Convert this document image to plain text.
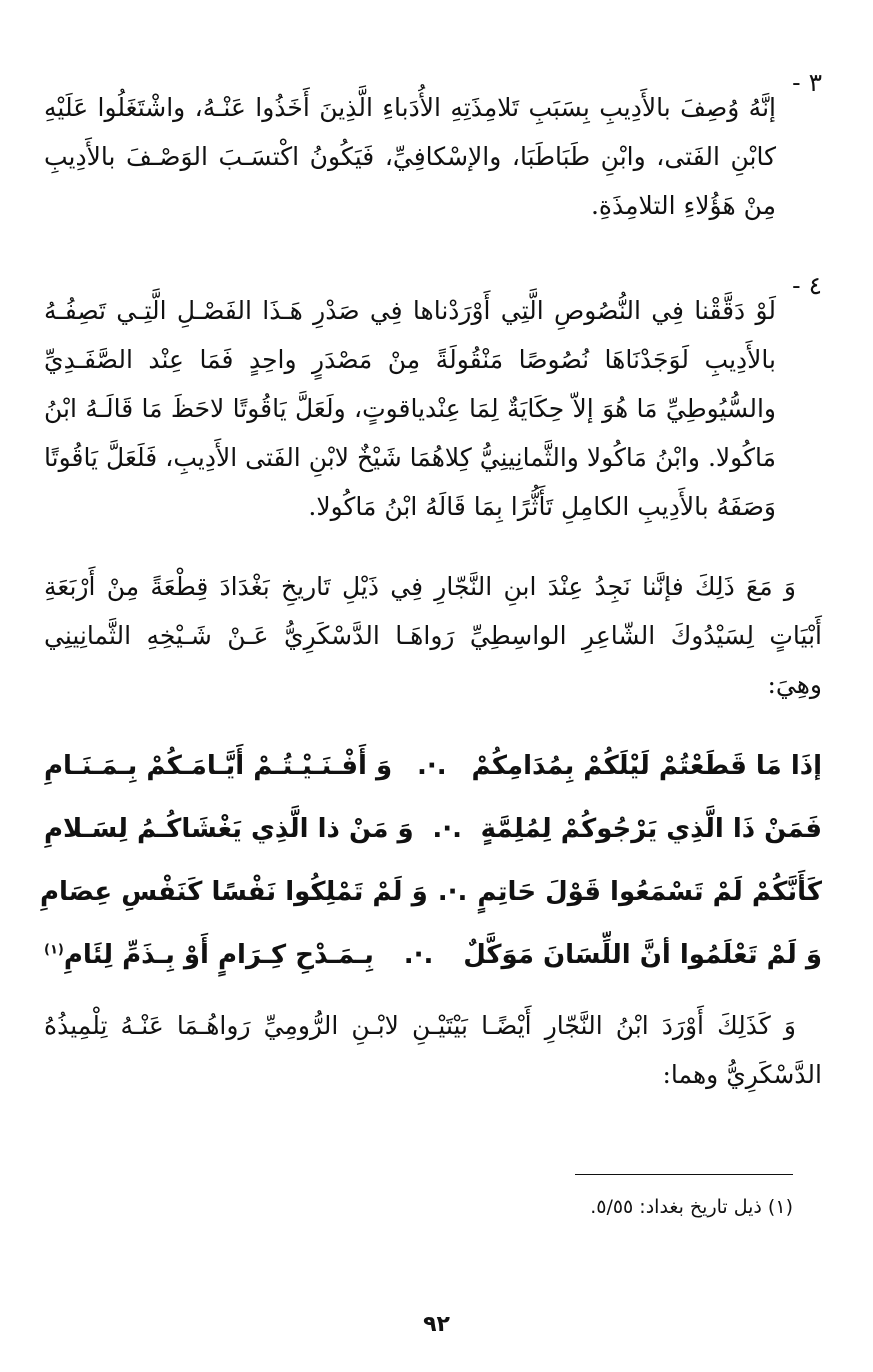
٣ -

إنَّهُ وُصِفَ بالأَدِيبِ بِسَبَبِ تَلامِذَتِهِ الأُدَباءِ الَّذِينَ أَخَذُوا عَنْـهُ، واشْتَغَلُوا عَلَيْهِ كابْنِ الفَتى، وابْنِ طَبَاطَبَا، والإسْكافِيِّ، فَيَكُونُ اكْتسَـبَ الوَصْـفَ بالأَدِيبِ مِنْ هَؤُلاءِ التلامِذَةِ.

٤ -

لَوْ دَقَّقْنا فِي النُّصُوصِ الَّتِي أَوْرَدْناها فِي صَدْرِ هَـذَا الفَصْـلِ الَّتِـي تَصِفُـهُ بالأَدِيبِ لَوَجَدْنَاهَا نُصُوصًا مَنْقُولَةً مِنْ مَصْدَرٍ واحِدٍ فَمَا عِنْد الصَّفَـدِيِّ والسُّيُوطِيِّ مَا هُوَ إلاّ حِكَايَةٌ لِمَا عِنْدياقوتٍ، ولَعَلَّ يَاقُوتًا لاحَظَ مَا قَالَـهُ ابْنُ مَاكُولا. وابْنُ مَاكُولا والثَّمانِينِيُّ كِلاهُمَا شَيْخٌ لابْنِ الفَتى الأَدِيبِ، فَلَعَلَّ يَاقُوتًا وَصَفَهُ بالأَدِيبِ الكامِلِ تَأَثُّرًا بِمَا قَالَهُ ابْنُ مَاكُولا.

وَ مَعَ ذَلِكَ فإنَّنا نَجِدُ عِنْدَ ابنِ النَّجّارِ فِي ذَيْلِ تَاريخِ بَغْدَادَ قِطْعَةً مِنْ أَرْبَعَةِ أَبْيَاتٍ لِسَيْدُوكَ الشّاعِرِ الواسِطِيِّ رَواهَـا الدَّسْكَرِيُّ عَـنْ شَـيْخِهِ الثَّمانِينِي وهِيَ:

إذَا مَا قَطَعْتُمْ لَيْلَكُمْ بِمُدَامِكُمْ
.·.
وَ أَفْـنَـيْـتُـمْ أَيَّـامَـكُمْ بِـمَـنَـامِ
فَمَنْ ذَا الَّذِي يَرْجُوكُمْ لِمُلِمَّةٍ
.·.
وَ مَنْ ذا الَّذِي يَغْشَاكُـمُ لِسَـلامِ
كَأَنَّكُمْ لَمْ تَسْمَعُوا قَوْلَ حَاتِمٍ
.·.
وَ لَمْ تَمْلِكُوا نَفْسًا كَنَفْسِ عِصَامِ
وَ لَمْ تَعْلَمُوا أنَّ اللِّسَانَ مَوَكَّلٌ
.·.
بِـمَـدْحِ كِـرَامٍ أَوْ بِـذَمِّ لِئَامِ$^{(١)}$

وَ كَذَلِكَ أَوْرَدَ ابْنُ النَّجّارِ أَيْضًـا بَيْتَيْـنِ لابْـنِ الرُّومِيِّ رَواهُـمَا عَنْـهُ تِلْمِيذُهُ الدَّسْكَرِيُّ وهما:

(١) ذيل تاريخ بغداد: ٥/٥٥.
٩٢
